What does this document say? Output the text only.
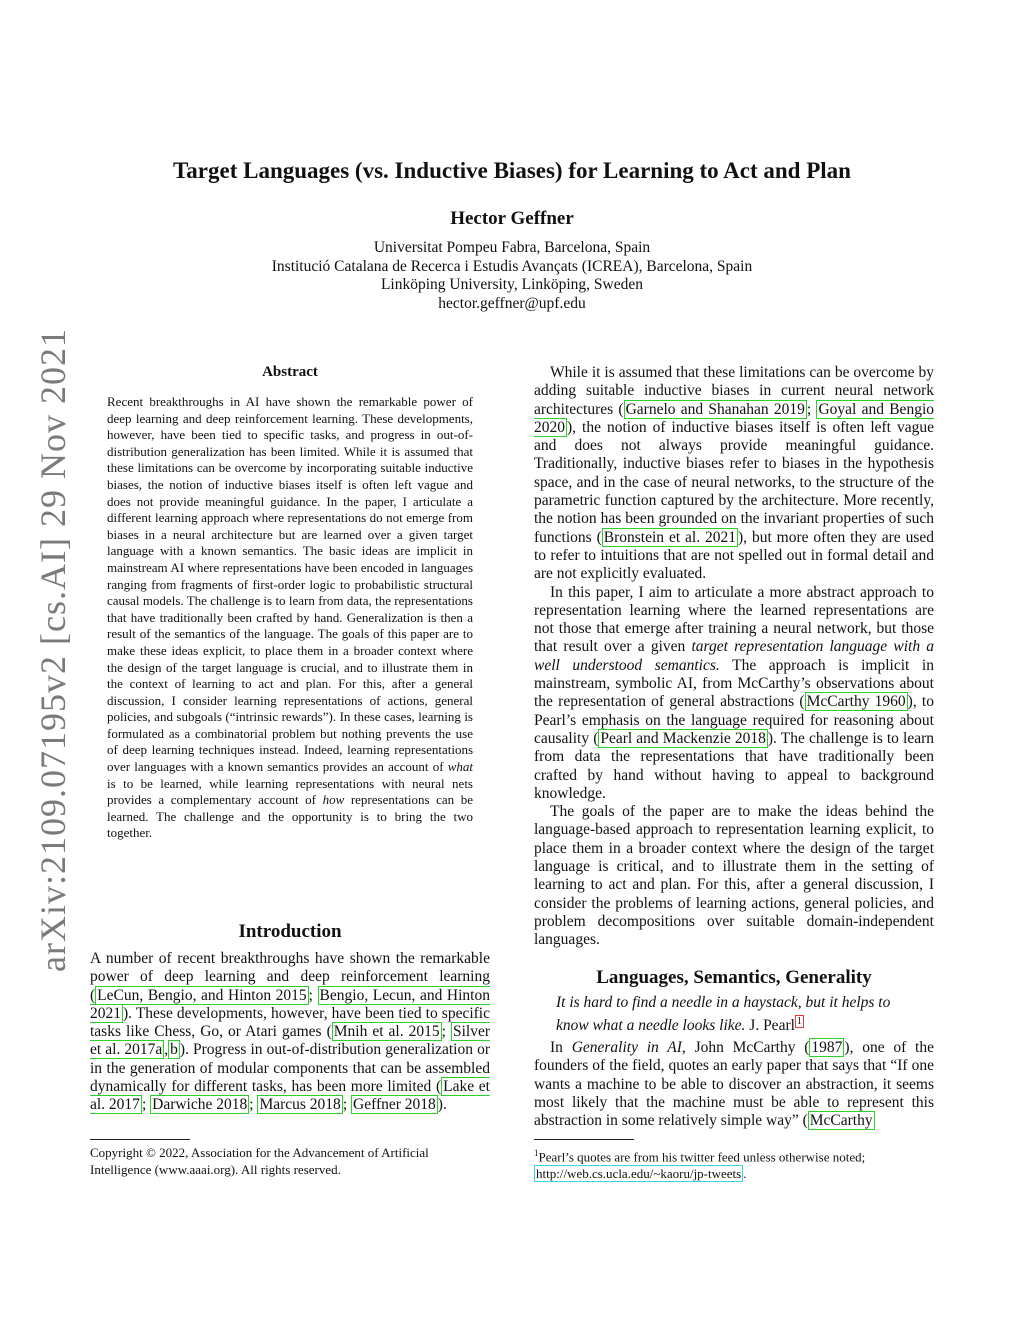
arXiv:2109.07195v2 [cs.AI] 29 Nov 2021
Target Languages (vs. Inductive Biases) for Learning to Act and Plan
Hector Geffner
Universitat Pompeu Fabra, Barcelona, Spain
Institució Catalana de Recerca i Estudis Avançats (ICREA), Barcelona, Spain
Linköping University, Linköping, Sweden
hector.geffner@upf.edu
Abstract
Recent breakthroughs in AI have shown the remarkable power of deep learning and deep reinforcement learning. These developments, however, have been tied to specific tasks, and progress in out-of-distribution generalization has been limited. While it is assumed that these limitations can be overcome by incorporating suitable inductive biases, the notion of inductive biases itself is often left vague and does not provide meaningful guidance. In the paper, I articulate a different learning approach where representations do not emerge from biases in a neural architecture but are learned over a given target language with a known semantics. The basic ideas are implicit in mainstream AI where representations have been encoded in languages ranging from fragments of first-order logic to probabilistic structural causal models. The challenge is to learn from data, the representations that have traditionally been crafted by hand. Generalization is then a result of the semantics of the language. The goals of this paper are to make these ideas explicit, to place them in a broader context where the design of the target language is crucial, and to illustrate them in the context of learning to act and plan. For this, after a general discussion, I consider learning representations of actions, general policies, and subgoals (“intrinsic rewards”). In these cases, learning is formulated as a combinatorial problem but nothing prevents the use of deep learning techniques instead. Indeed, learning representations over languages with a known semantics provides an account of what is to be learned, while learning representations with neural nets provides a complementary account of how representations can be learned. The challenge and the opportunity is to bring the two together.
Introduction

A number of recent breakthroughs have shown the remarkable power of deep learning and deep reinforcement learning ( LeCun, Bengio, and Hinton 2015 ; Bengio, Lecun, and Hinton 2021 ). These developments, however, have been tied to specific tasks like Chess, Go, or Atari games ( Mnih et al. 2015 ; Silver et al. 2017a , b ). Progress in out-of-distribution generalization or in the generation of modular components that can be assembled dynamically for different tasks, has been more limited ( Lake et al. 2017 ; Darwiche 2018 ; Marcus 2018 ; Geffner 2018 ).

Copyright © 2022, Association for the Advancement of Artificial Intelligence (www.aaai.org). All rights reserved.

While it is assumed that these limitations can be overcome by adding suitable inductive biases in current neural network architectures ( Garnelo and Shanahan 2019 ; Goyal and Bengio 2020 ), the notion of inductive biases itself is often left vague and does not always provide meaningful guidance. Traditionally, inductive biases refer to biases in the hypothesis space, and in the case of neural networks, to the structure of the parametric function captured by the architecture. More recently, the notion has been grounded on the invariant properties of such functions ( Bronstein et al. 2021 ), but more often they are used to refer to intuitions that are not spelled out in formal detail and are not explicitly evaluated.

In this paper, I aim to articulate a more abstract approach to representation learning where the learned representations are not those that emerge after training a neural network, but those that result over a given target representation language with a well understood semantics. The approach is implicit in mainstream, symbolic AI, from McCarthy’s observations about the representation of general abstractions ( McCarthy 1960 ), to Pearl’s emphasis on the language required for reasoning about causality ( Pearl and Mackenzie 2018 ). The challenge is to learn from data the representations that have traditionally been crafted by hand without having to appeal to background knowledge.

The goals of the paper are to make the ideas behind the language-based approach to representation learning explicit, to place them in a broader context where the design of the target language is critical, and to illustrate them in the setting of learning to act and plan. For this, after a general discussion, I consider the problems of learning actions, general policies, and problem decompositions over suitable domain-independent languages.

Languages, Semantics, Generality
It is hard to find a needle in a haystack, but it helps to know what a needle looks like. J. Pearl $^1$

In Generality in AI, John McCarthy ( 1987 ), one of the founders of the field, quotes an early paper that says that “If one wants a machine to be able to discover an abstraction, it seems most likely that the machine must be able to represent this abstraction in some relatively simple way” ( McCarthy

$^1$Pearl’s quotes are from his twitter feed unless otherwise noted; http://web.cs.ucla.edu/~kaoru/jp-tweets .
